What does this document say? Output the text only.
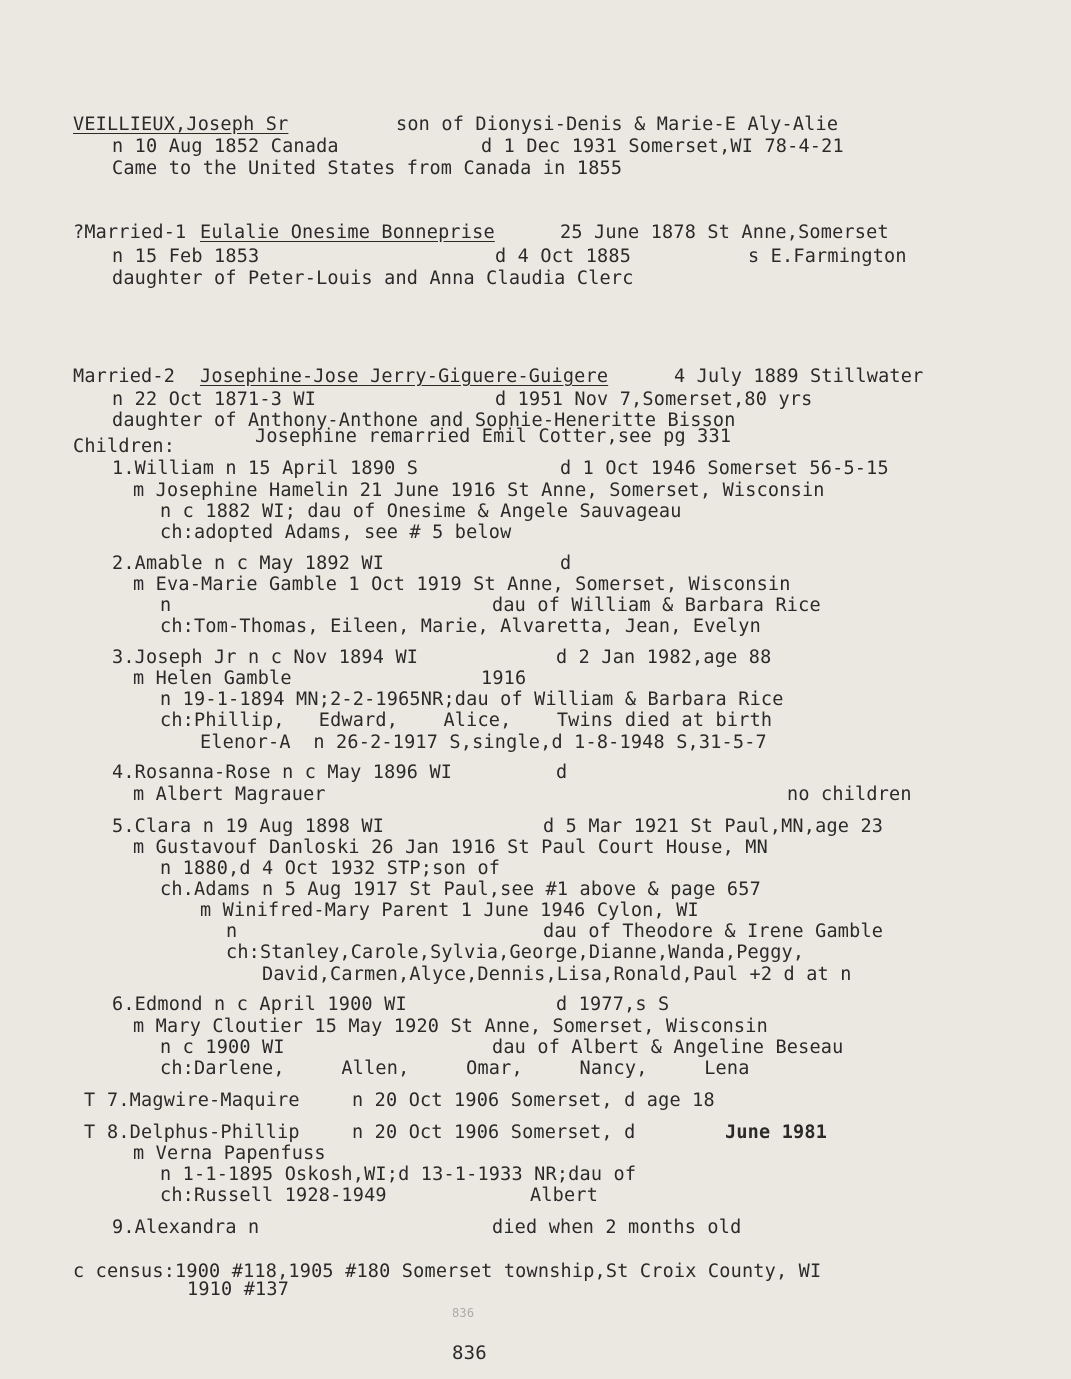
VEILLIEUX,Joseph Sr	son of Dionysi-Denis & Marie-E Aly-Alie
n 10 Aug 1852 Canada	d 1 Dec 1931 Somerset,WI 78-4-21
Came to the United States from Canada in 1855
?Married-1 Eulalie Onesime Bonneprise	25 June 1878 St Anne,Somerset
n 15 Feb 1853	d 4 Oct 1885	s E.Farmington
daughter of Peter-Louis and Anna Claudia Clerc
Married-2 Josephine-Jose Jerry-Giguere-Guigere	4 July 1889 Stillwater
n 22 Oct 1871-3 WI	d 1951 Nov 7,Somerset,80 yrs
daughter of Anthony-Anthone and Sophie-Heneritte Bisson
Josephine remarried Emil Cotter,see pg 331
Children:
1.William n 15 April 1890 S	d 1 Oct 1946 Somerset 56-5-15
m Josephine Hamelin 21 June 1916 St Anne, Somerset, Wisconsin
n c 1882 WI; dau of Onesime & Angele Sauvageau
ch:adopted Adams, see # 5 below
2.Amable n c May 1892 WI	d
m Eva-Marie Gamble 1 Oct 1919 St Anne, Somerset, Wisconsin
n	dau of William & Barbara Rice
ch:Tom-Thomas, Eileen, Marie, Alvaretta, Jean, Evelyn
3.Joseph Jr n c Nov 1894 WI	d 2 Jan 1982,age 88
m Helen Gamble	1916
n 19-1-1894 MN;2-2-1965NR;dau of William & Barbara Rice
ch:Phillip,   Edward,    Alice,    Twins died at birth
Elenor-A  n 26-2-1917 S,single,d 1-8-1948 S,31-5-7
4.Rosanna-Rose n c May 1896 WI	d
m Albert Magrauer	no children
5.Clara n 19 Aug 1898 WI	d 5 Mar 1921 St Paul,MN,age 23
m Gustavouf Danloski 26 Jan 1916 St Paul Court House, MN
n 1880,d 4 Oct 1932 STP;son of
ch.Adams n 5 Aug 1917 St Paul,see #1 above & page 657
m Winifred-Mary Parent 1 June 1946 Cylon, WI
n	dau of Theodore & Irene Gamble
ch:Stanley,Carole,Sylvia,George,Dianne,Wanda,Peggy,
David,Carmen,Alyce,Dennis,Lisa,Ronald,Paul +2 d at n
6.Edmond n c April 1900 WI	d 1977,s S
m Mary Cloutier 15 May 1920 St Anne, Somerset, Wisconsin
n c 1900 WI	dau of Albert & Angeline Beseau
ch:Darlene,     Allen,     Omar,     Nancy,     Lena
T 7.Magwire-Maquire	n 20 Oct 1906 Somerset, d age 18
T 8.Delphus-Phillip	n 20 Oct 1906 Somerset, d	June 1981
m Verna Papenfuss
n 1-1-1895 Oskosh,WI;d 13-1-1933 NR;dau of
ch:Russell 1928-1949	Albert
9.Alexandra n	died when 2 months old
c census:1900 #118,1905 #180 Somerset township,St Croix County, WI
1910 #137
836
836
